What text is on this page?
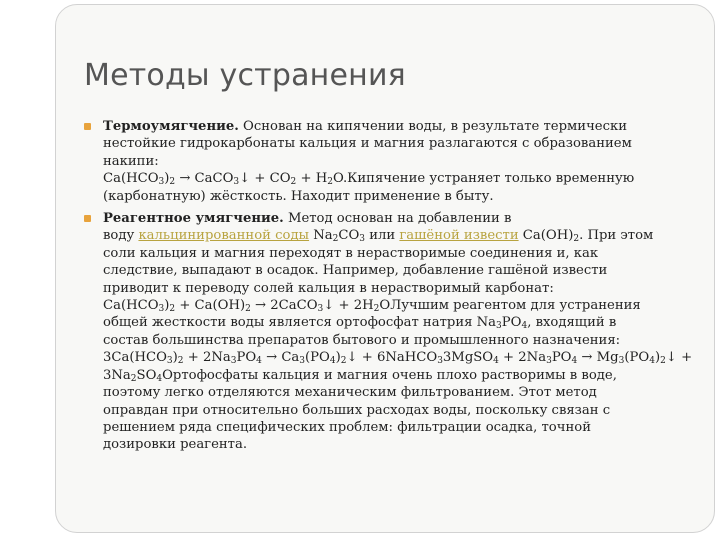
Методы устранения
Термоумягчение. Основан на кипячении воды, в результате термически
нестойкие гидрокарбонаты кальция и магния разлагаются с образованием
накипи:
$Ca(HCO_3)_2$ → CaCO$_3$↓ + $CO_2$ + $H_2O.Кипячение$ устраняет только временную
(карбонатную) жёсткость. Находит применение в быту.
Реагентное умягчение. Метод основан на добавлении в
воду кальцинированной соды $Na_2CO_3$ или гашёной извести $Ca(OH)_2$. При этом
соли кальция и магния переходят в нерастворимые соединения и, как
следствие, выпадают в осадок. Например, добавление гашёной извести
приводит к переводу солей кальция в нерастворимый карбонат:
$Ca(HCO_3)_2 + Ca(OH)_2$ → 2CaCO$_3$↓ + $2H_2OЛучшим$ реагентом для устранения
общей жесткости воды является ортофосфат натрия $Na_3PO_4$, входящий в
состав большинства препаратов бытового и промышленного назначения:
$3Ca(HCO_3)_2 + 2Na_3PO_4$ → $Ca_3(PO_4)_2↓$ + 6NaHCO$_3$3MgSO$_4$ + $2Na_3PO_4$ → $Mg_3(PO_4)_2↓$ +
$3Na_2SO_4Ортофосфаты$ кальция и магния очень плохо растворимы в воде,
поэтому легко отделяются механическим фильтрованием. Этот метод
оправдан при относительно больших расходах воды, поскольку связан с
решением ряда специфических проблем: фильтрации осадка, точной
дозировки реагента.
